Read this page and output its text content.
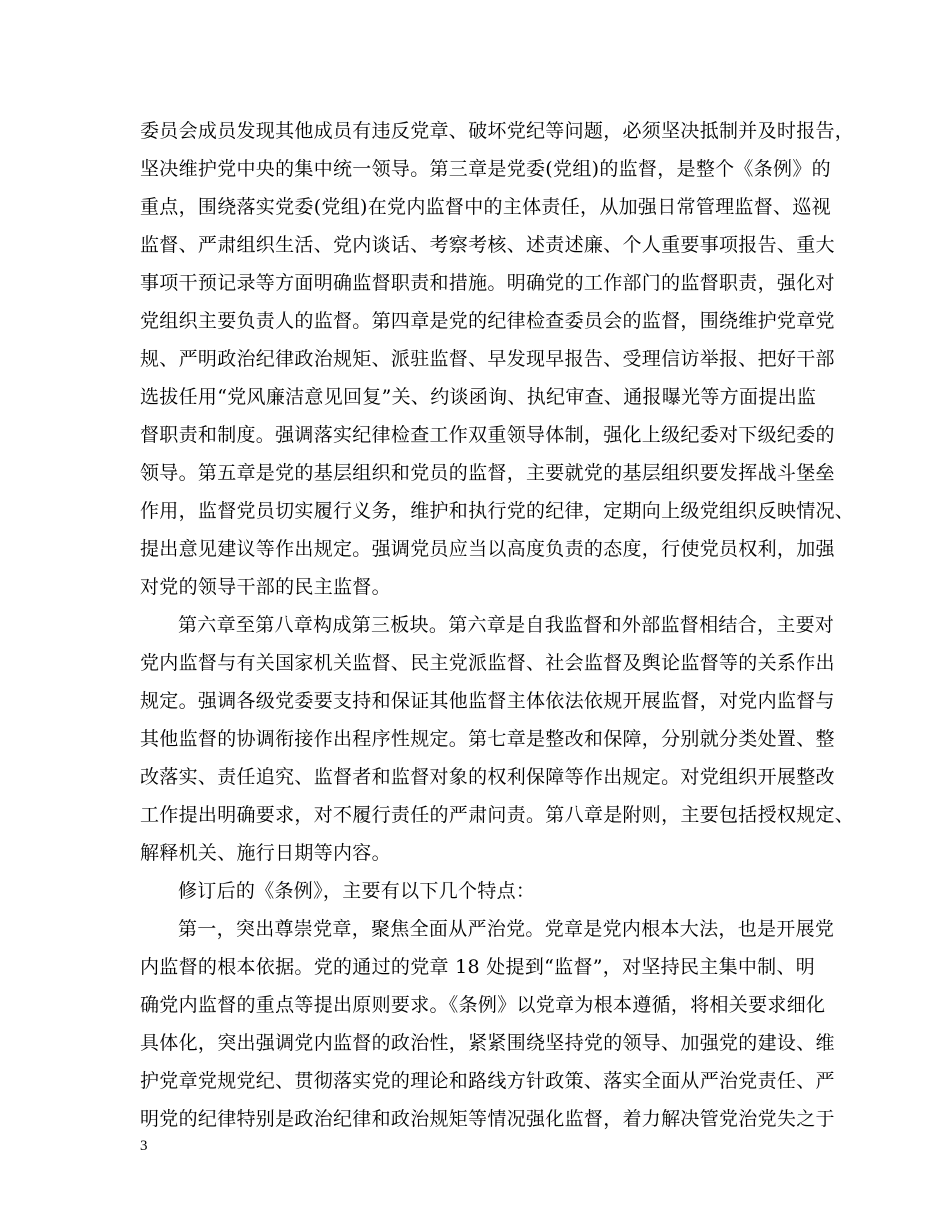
委员会成员发现其他成员有违反党章、破坏党纪等问题，必须坚决抵制并及时报告，
坚决维护党中央的集中统一领导。第三章是党委(党组)的监督，是整个《条例》的
重点，围绕落实党委(党组)在党内监督中的主体责任，从加强日常管理监督、巡视
监督、严肃组织生活、党内谈话、考察考核、述责述廉、个人重要事项报告、重大
事项干预记录等方面明确监督职责和措施。明确党的工作部门的监督职责，强化对
党组织主要负责人的监督。第四章是党的纪律检查委员会的监督，围绕维护党章党
规、严明政治纪律政治规矩、派驻监督、早发现早报告、受理信访举报、把好干部
选拔任用“党风廉洁意见回复”关、约谈函询、执纪审查、通报曝光等方面提出监
督职责和制度。强调落实纪律检查工作双重领导体制，强化上级纪委对下级纪委的
领导。第五章是党的基层组织和党员的监督，主要就党的基层组织要发挥战斗堡垒
作用，监督党员切实履行义务，维护和执行党的纪律，定期向上级党组织反映情况、
提出意见建议等作出规定。强调党员应当以高度负责的态度，行使党员权利，加强
对党的领导干部的民主监督。
第六章至第八章构成第三板块。第六章是自我监督和外部监督相结合，主要对
党内监督与有关国家机关监督、民主党派监督、社会监督及舆论监督等的关系作出
规定。强调各级党委要支持和保证其他监督主体依法依规开展监督，对党内监督与
其他监督的协调衔接作出程序性规定。第七章是整改和保障，分别就分类处置、整
改落实、责任追究、监督者和监督对象的权利保障等作出规定。对党组织开展整改
工作提出明确要求，对不履行责任的严肃问责。第八章是附则，主要包括授权规定、
解释机关、施行日期等内容。
修订后的《条例》，主要有以下几个特点：
第一，突出尊崇党章，聚焦全面从严治党。党章是党内根本大法，也是开展党
内监督的根本依据。党的通过的党章 18 处提到“监督”，对坚持民主集中制、明
确党内监督的重点等提出原则要求。《条例》以党章为根本遵循，将相关要求细化
具体化，突出强调党内监督的政治性，紧紧围绕坚持党的领导、加强党的建设、维
护党章党规党纪、贯彻落实党的理论和路线方针政策、落实全面从严治党责任、严
明党的纪律特别是政治纪律和政治规矩等情况强化监督，着力解决管党治党失之于
3
